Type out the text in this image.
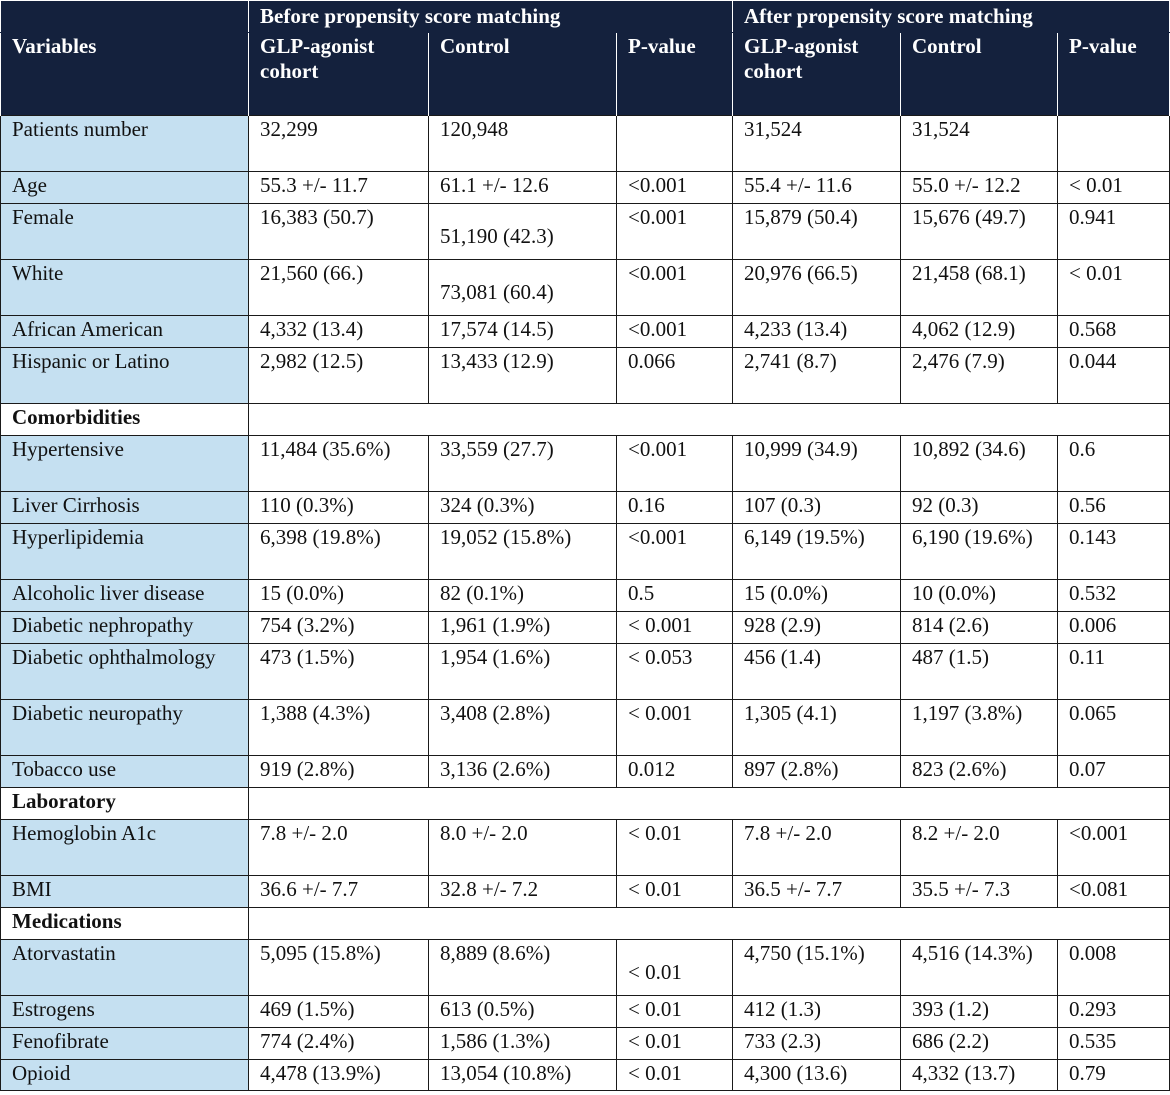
	Before propensity score matching			After propensity score matching		
Variables	GLP-agonist cohort	Control	P-value	GLP-agonist cohort	Control	P-value
Patients number	32,299	120,948		31,524	31,524	
Age	55.3 +/- 11.7	61.1 +/- 12.6	<0.001	55.4 +/- 11.6	55.0 +/- 12.2	< 0.01
Female	16,383 (50.7)	51,190 (42.3)	<0.001	15,879 (50.4)	15,676 (49.7)	0.941
White	21,560 (66.)	73,081 (60.4)	<0.001	20,976 (66.5)	21,458 (68.1)	< 0.01
African American	4,332 (13.4)	17,574 (14.5)	<0.001	4,233 (13.4)	4,062 (12.9)	0.568
Hispanic or Latino	2,982 (12.5)	13,433 (12.9)	0.066	2,741 (8.7)	2,476 (7.9)	0.044
Comorbidities						
Hypertensive	11,484 (35.6%)	33,559 (27.7)	<0.001	10,999 (34.9)	10,892 (34.6)	0.6
Liver Cirrhosis	110 (0.3%)	324 (0.3%)	0.16	107 (0.3)	92 (0.3)	0.56
Hyperlipidemia	6,398 (19.8%)	19,052 (15.8%)	<0.001	6,149 (19.5%)	6,190 (19.6%)	0.143
Alcoholic liver disease	15 (0.0%)	82 (0.1%)	0.5	15 (0.0%)	10 (0.0%)	0.532
Diabetic nephropathy	754 (3.2%)	1,961 (1.9%)	< 0.001	928 (2.9)	814 (2.6)	0.006
Diabetic ophthalmology	473 (1.5%)	1,954 (1.6%)	< 0.053	456 (1.4)	487 (1.5)	0.11
Diabetic neuropathy	1,388 (4.3%)	3,408 (2.8%)	< 0.001	1,305 (4.1)	1,197 (3.8%)	0.065
Tobacco use	919 (2.8%)	3,136 (2.6%)	0.012	897 (2.8%)	823 (2.6%)	0.07
Laboratory						
Hemoglobin A1c	7.8 +/- 2.0	8.0 +/- 2.0	< 0.01	7.8 +/- 2.0	8.2 +/- 2.0	<0.001
BMI	36.6 +/- 7.7	32.8 +/- 7.2	< 0.01	36.5 +/- 7.7	35.5 +/- 7.3	<0.081
Medications						
Atorvastatin	5,095 (15.8%)	8,889 (8.6%)	< 0.01	4,750 (15.1%)	4,516 (14.3%)	0.008
Estrogens	469 (1.5%)	613 (0.5%)	< 0.01	412 (1.3)	393 (1.2)	0.293
Fenofibrate	774 (2.4%)	1,586 (1.3%)	< 0.01	733 (2.3)	686 (2.2)	0.535
Opioid	4,478 (13.9%)	13,054 (10.8%)	< 0.01	4,300 (13.6)	4,332 (13.7)	0.79
